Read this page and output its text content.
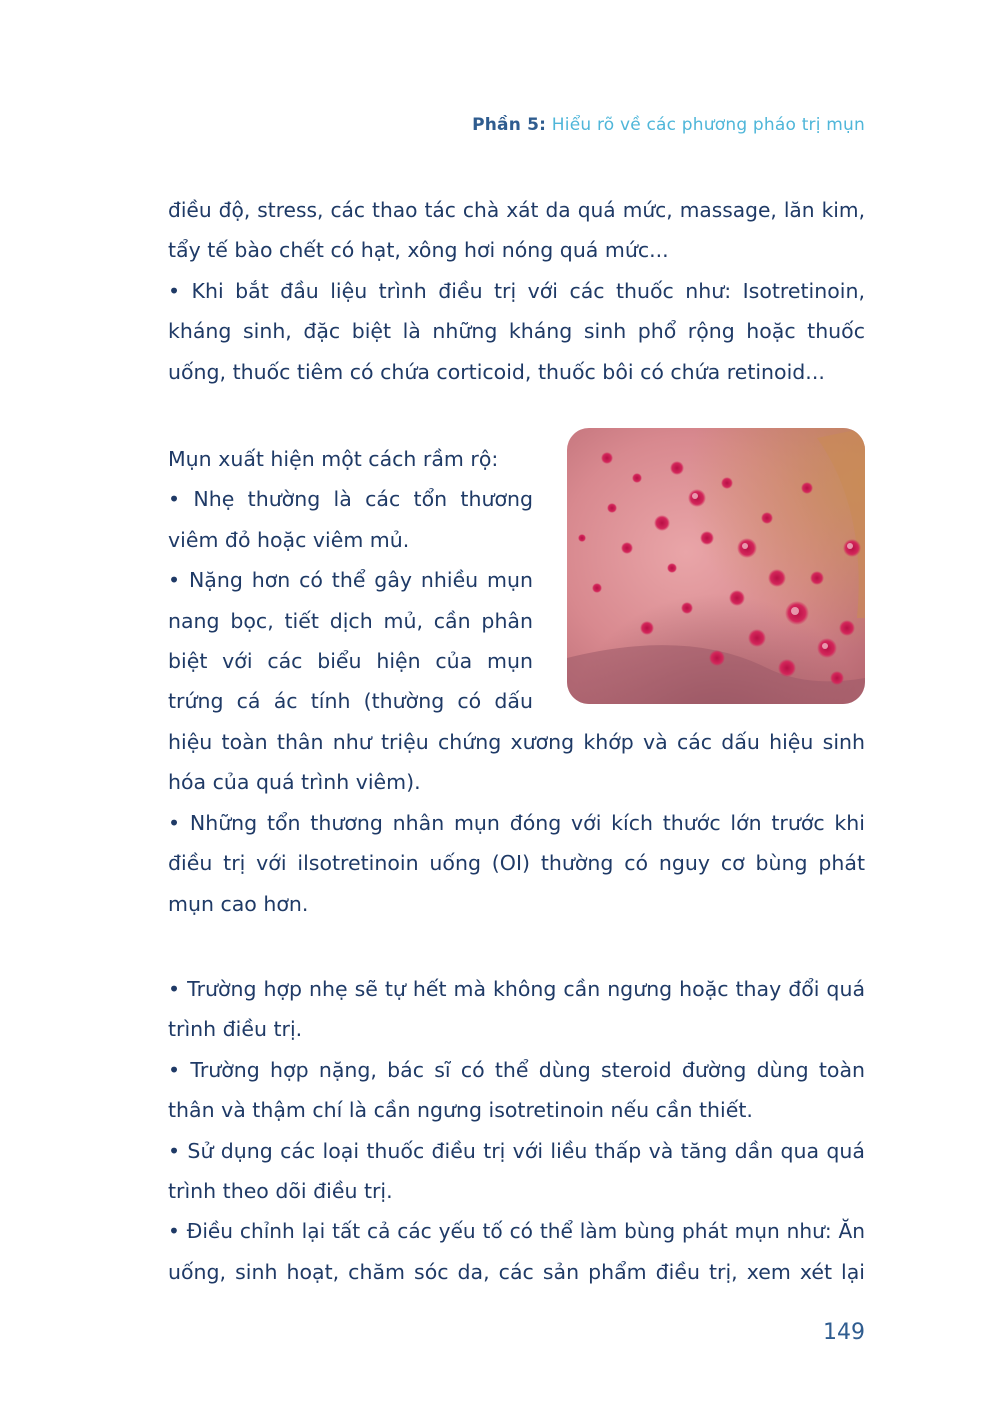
Phần 5: Hiểu rõ về các phương pháo trị mụn
điều độ, stress, các thao tác chà xát da quá mức, massage, lăn kim,
tẩy tế bào chết có hạt, xông hơi nóng quá mức...
• Khi bắt đầu liệu trình điều trị với các thuốc như: Isotretinoin,
kháng sinh, đặc biệt là những kháng sinh phổ rộng hoặc thuốc
uống, thuốc tiêm có chứa corticoid, thuốc bôi có chứa retinoid...
Mụn xuất hiện một cách rầm rộ:
• Nhẹ thường là các tổn thương
viêm đỏ hoặc viêm mủ.
• Nặng hơn có thể gây nhiều mụn
nang bọc, tiết dịch mủ, cần phân
biệt với các biểu hiện của mụn
trứng cá ác tính (thường có dấu
hiệu toàn thân như triệu chứng xương khớp và các dấu hiệu sinh
hóa của quá trình viêm).
• Những tổn thương nhân mụn đóng với kích thước lớn trước khi
điều trị với ilsotretinoin uống (OI) thường có nguy cơ bùng phát
mụn cao hơn.
• Trường hợp nhẹ sẽ tự hết mà không cần ngưng hoặc thay đổi quá
trình điều trị.
• Trường hợp nặng, bác sĩ có thể dùng steroid đường dùng toàn
thân và thậm chí là cần ngưng isotretinoin nếu cần thiết.
• Sử dụng các loại thuốc điều trị với liều thấp và tăng dần qua quá
trình theo dõi điều trị.
• Điều chỉnh lại tất cả các yếu tố có thể làm bùng phát mụn như: Ăn
uống, sinh hoạt, chăm sóc da, các sản phẩm điều trị, xem xét lại
149
